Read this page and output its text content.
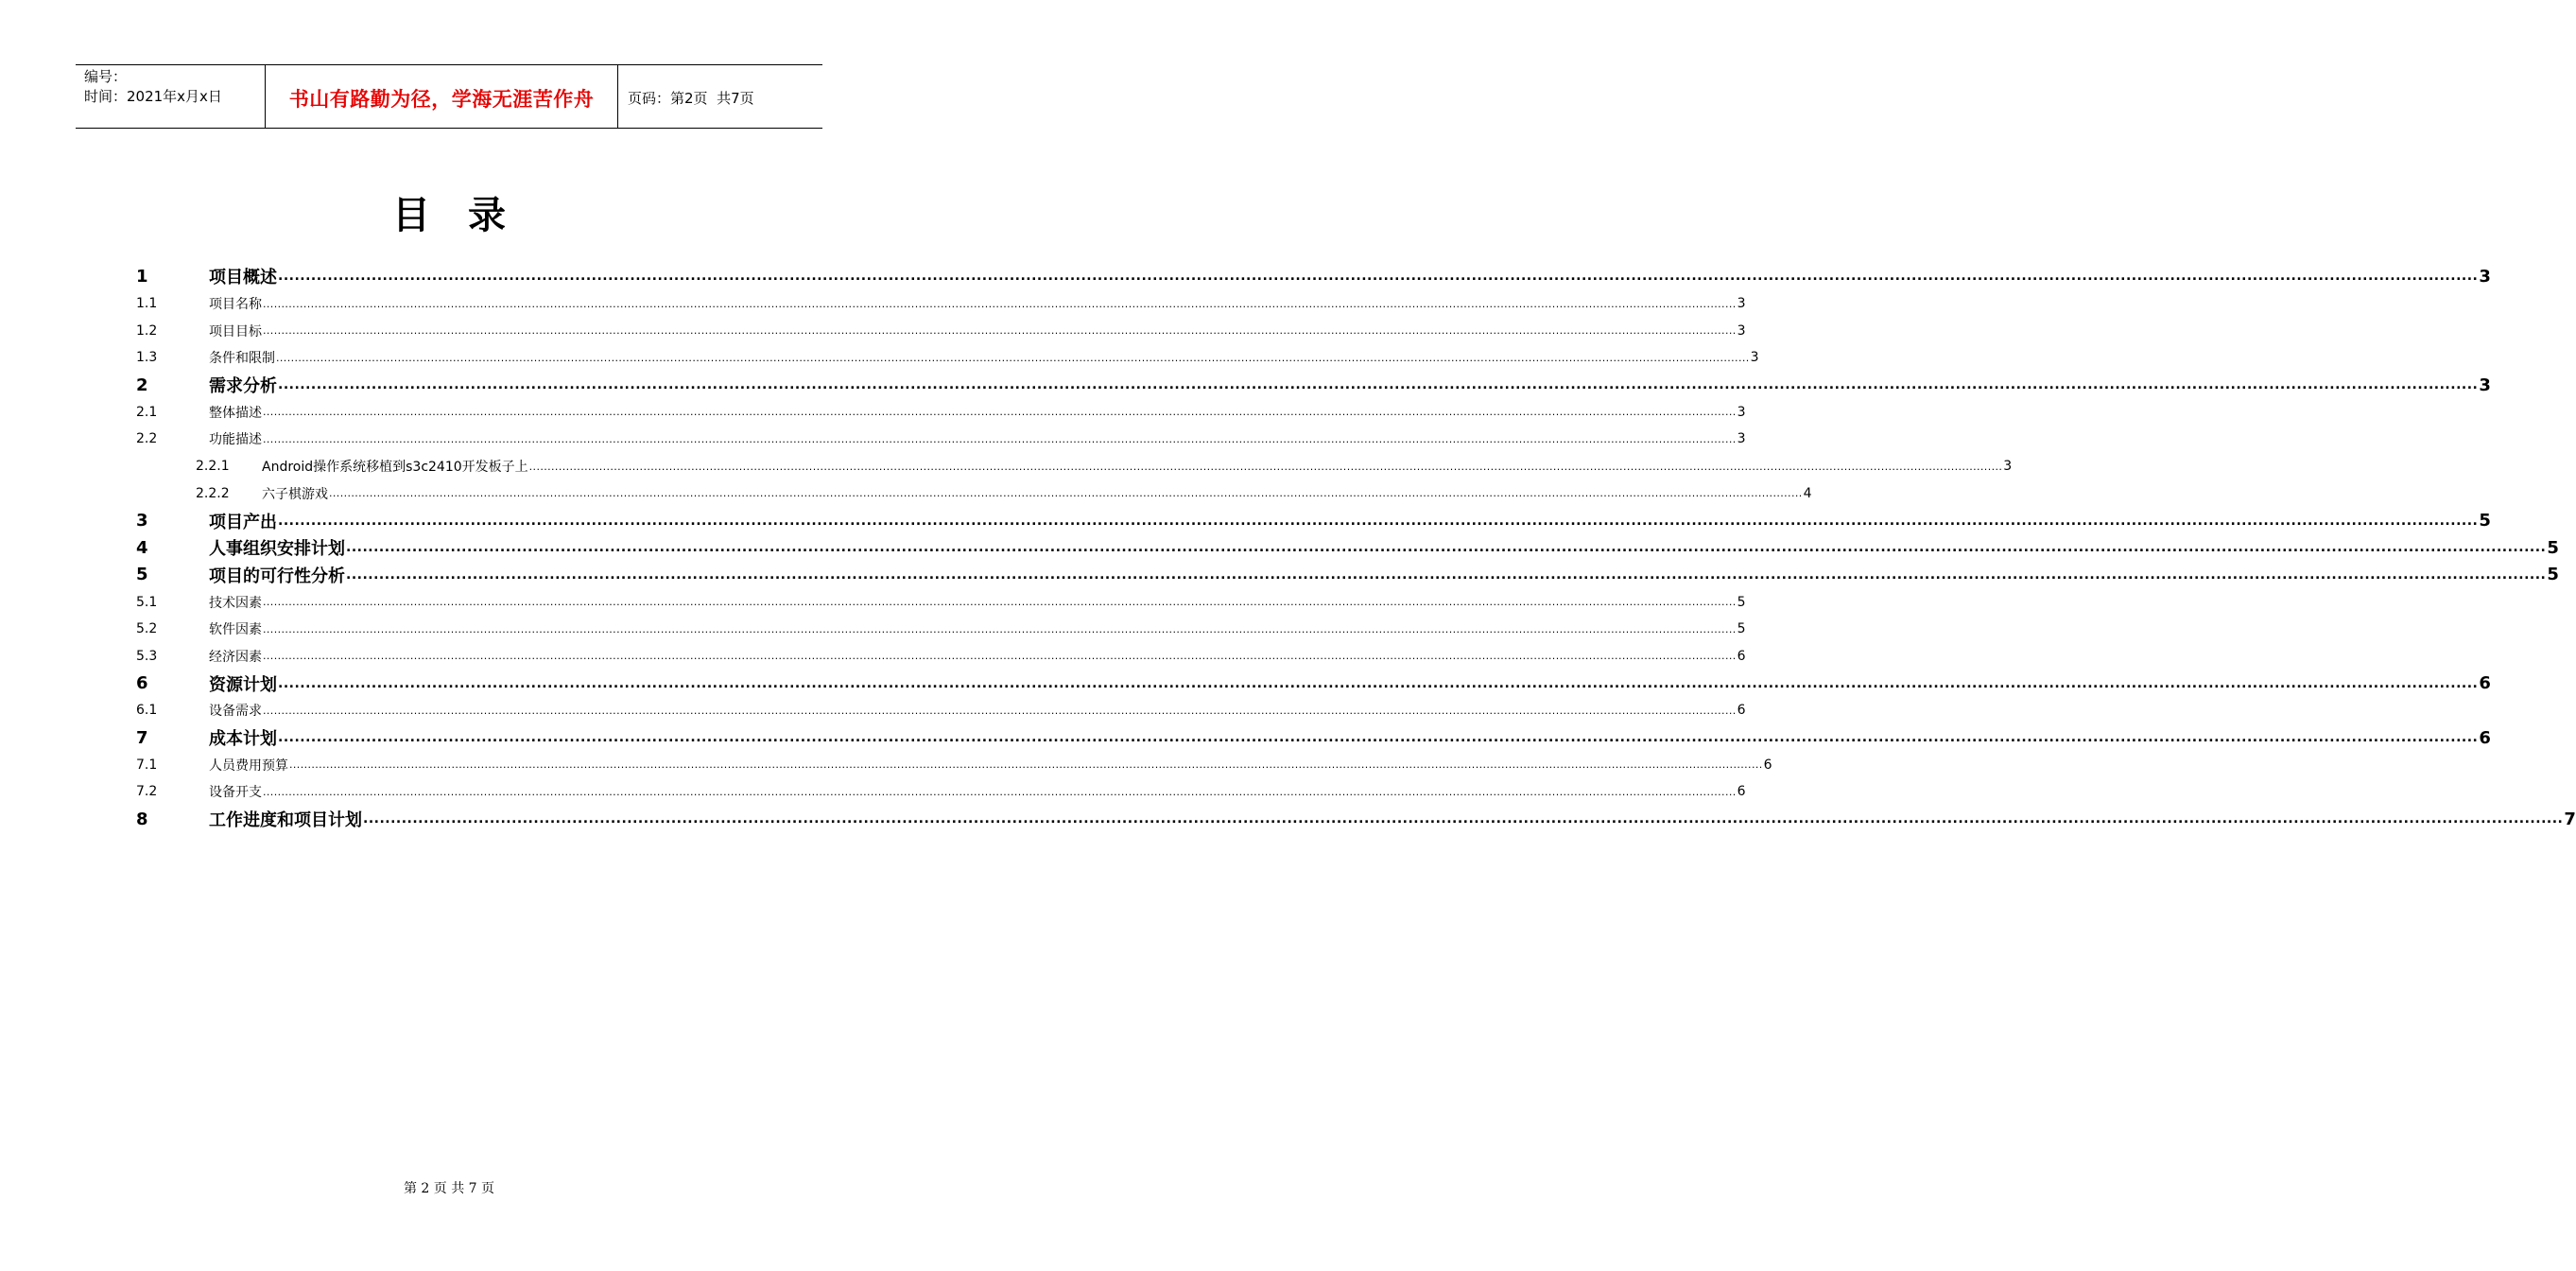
编号：
时间：2021年x月x日	书山有路勤为径，学海无涯苦作舟 页码：第2页  共7页
目录
1	项目概述 ................................................................................................................................................................................................................................................................................................................................................................................................................ 3
1.1	项目名称 ................................................................................................................................................................................................................................................................................................................................................................................................................ 3
1.2	项目目标 ................................................................................................................................................................................................................................................................................................................................................................................................................ 3
1.3	条件和限制 ................................................................................................................................................................................................................................................................................................................................................................................................................ 3
2	需求分析 ................................................................................................................................................................................................................................................................................................................................................................................................................ 3
2.1	整体描述 ................................................................................................................................................................................................................................................................................................................................................................................................................ 3
2.2	功能描述 ................................................................................................................................................................................................................................................................................................................................................................................................................ 3
2.2.1 Android操作系统移植到s3c2410开发板子上 ................................................................................................................................................................................................................................................................................................................................................................................................................ 3
2.2.2 六子棋游戏 ................................................................................................................................................................................................................................................................................................................................................................................................................ 4
3	项目产出 ................................................................................................................................................................................................................................................................................................................................................................................................................ 5
4	人事组织安排计划 ................................................................................................................................................................................................................................................................................................................................................................................................................ 5
5	项目的可行性分析 ................................................................................................................................................................................................................................................................................................................................................................................................................ 5
5.1	技术因素 ................................................................................................................................................................................................................................................................................................................................................................................................................ 5
5.2	软件因素 ................................................................................................................................................................................................................................................................................................................................................................................................................ 5
5.3	经济因素 ................................................................................................................................................................................................................................................................................................................................................................................................................ 6
6	资源计划 ................................................................................................................................................................................................................................................................................................................................................................................................................ 6
6.1	设备需求 ................................................................................................................................................................................................................................................................................................................................................................................................................ 6
7	成本计划 ................................................................................................................................................................................................................................................................................................................................................................................................................ 6
7.1	人员费用预算 ................................................................................................................................................................................................................................................................................................................................................................................................................ 6
7.2	设备开支 ................................................................................................................................................................................................................................................................................................................................................................................................................ 6
8	工作进度和项目计划 ................................................................................................................................................................................................................................................................................................................................................................................................................ 7
第 2 页 共 7 页
